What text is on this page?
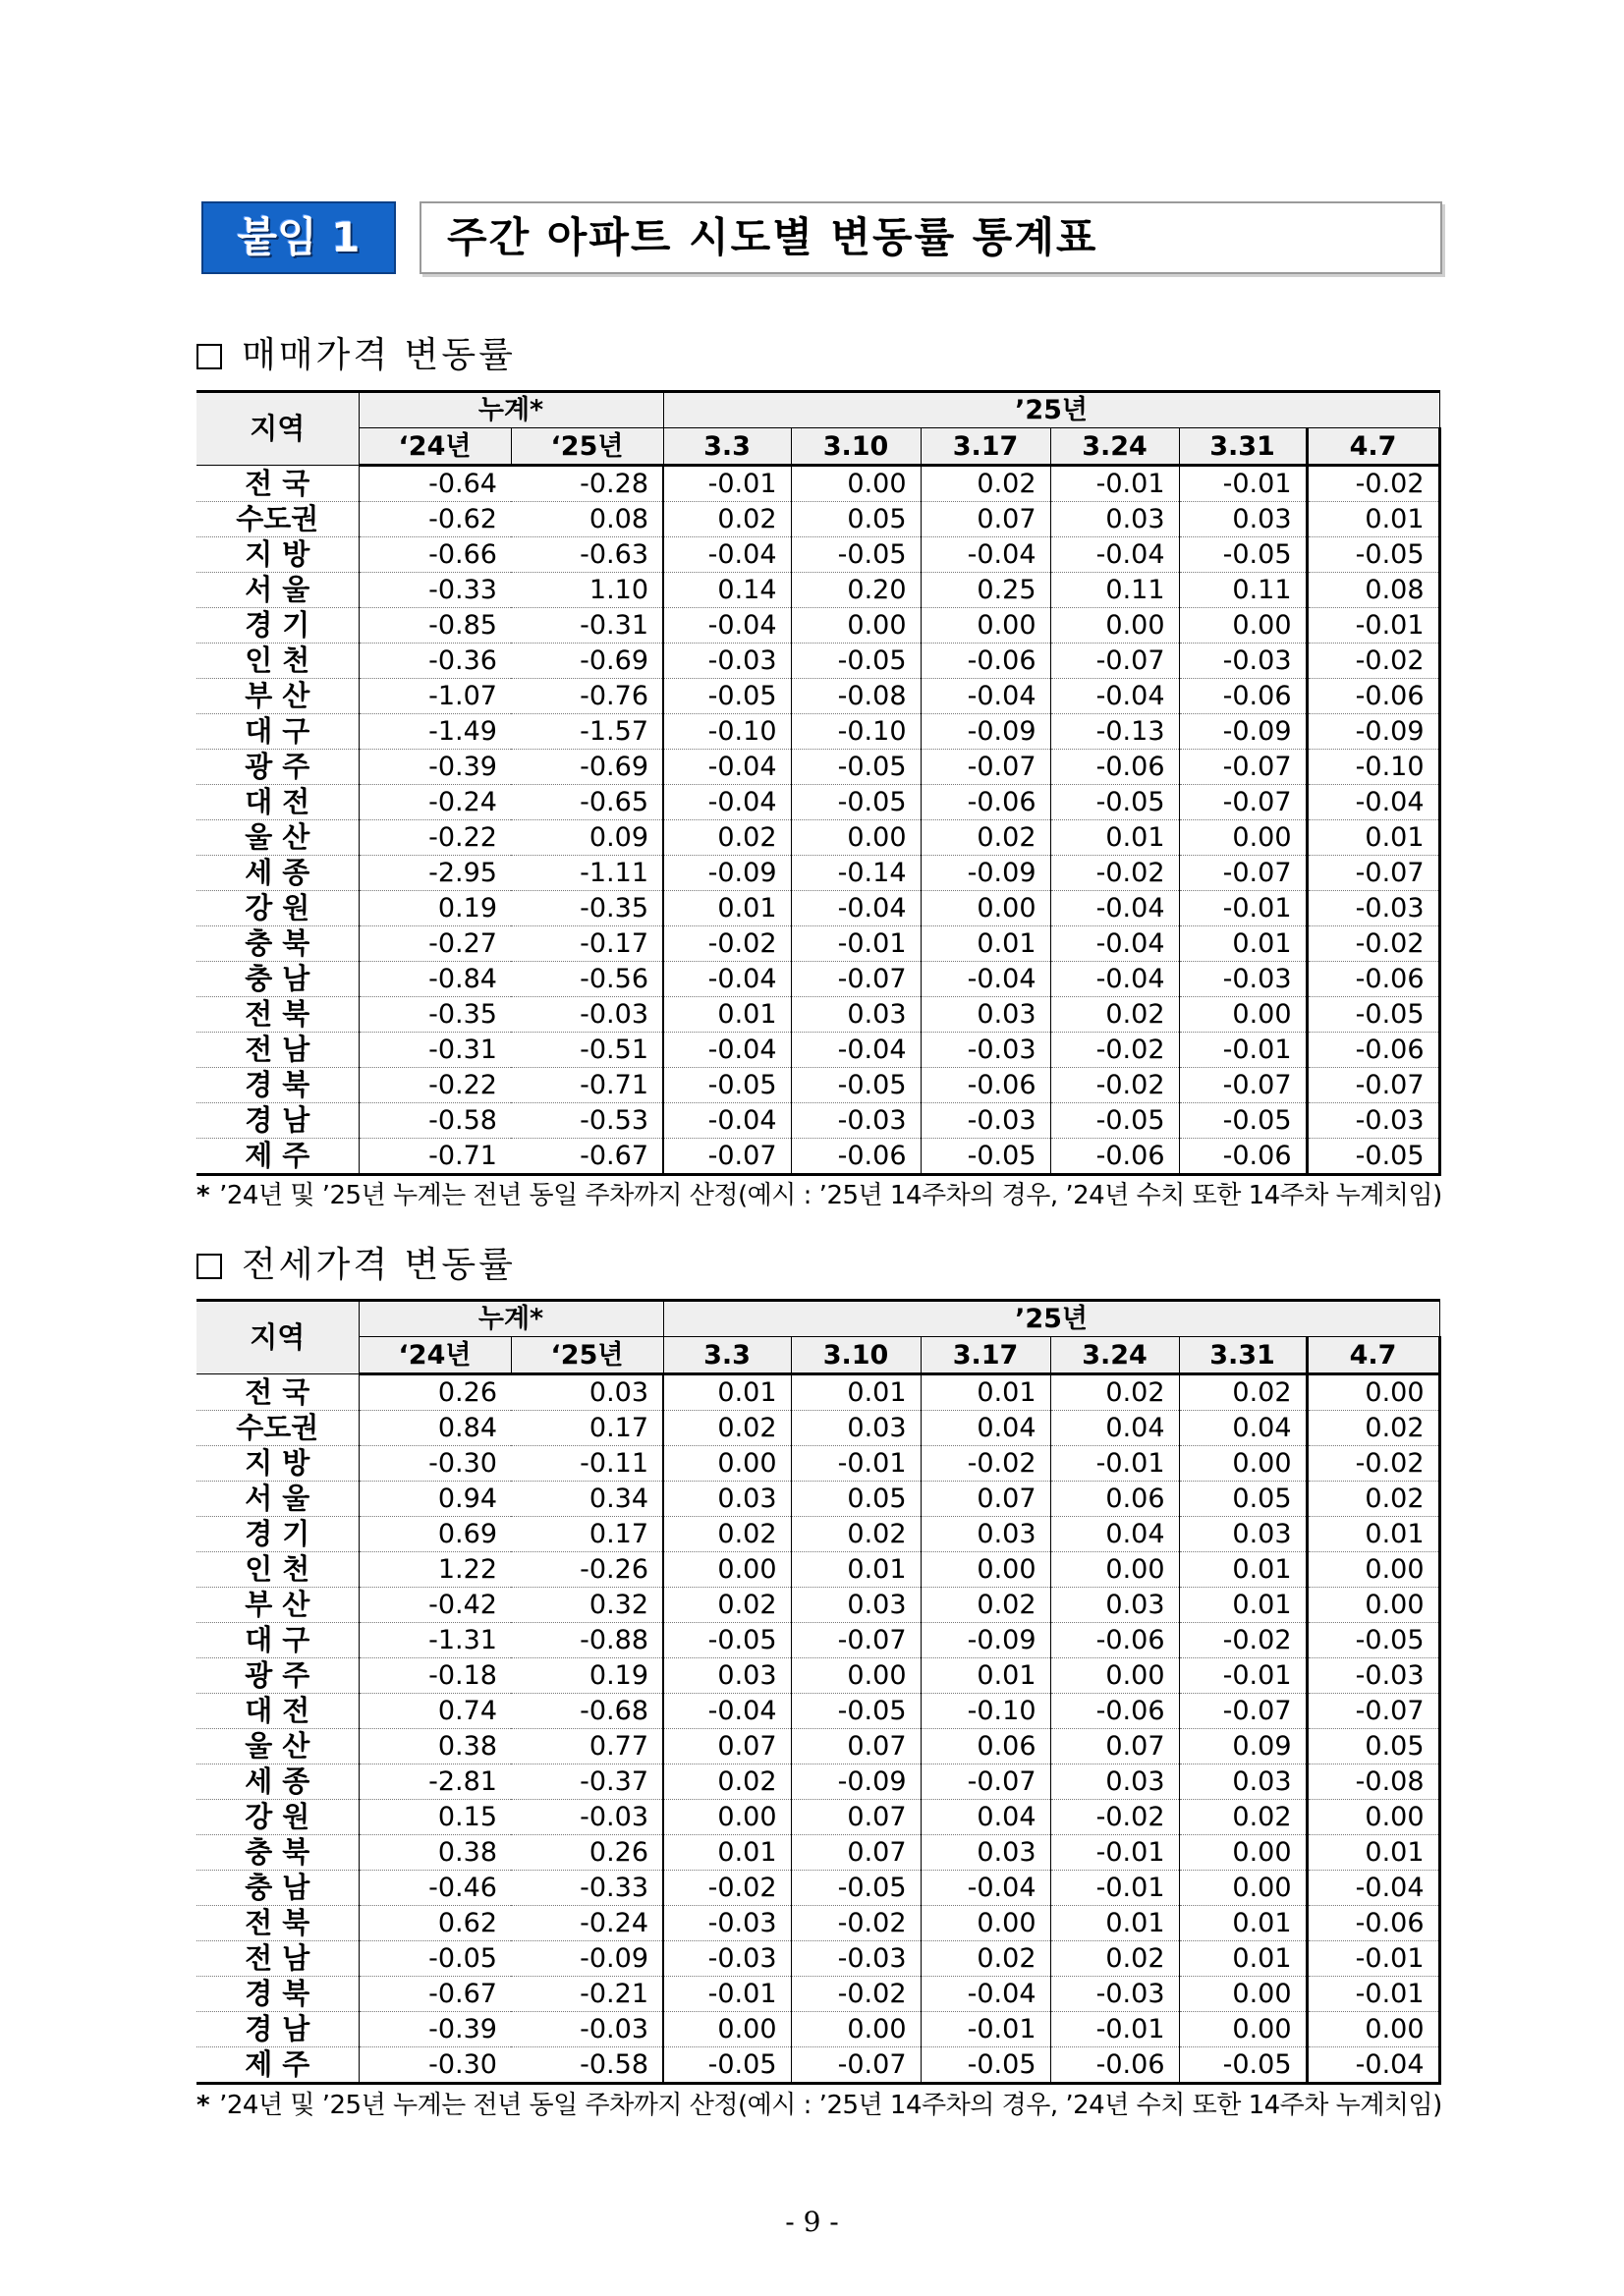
붙임 1	주간 아파트 시도별 변동률 통계표
매매가격 변동률
지역	누계*		’25년					
	‘24년	‘25년	3.3	3.10	3.17	3.24	3.31	4.7
전 국	-0.64	-0.28	-0.01	0.00	0.02	-0.01	-0.01	-0.02
수도권	-0.62	0.08	0.02	0.05	0.07	0.03	0.03	0.01
지 방	-0.66	-0.63	-0.04	-0.05	-0.04	-0.04	-0.05	-0.05
서 울	-0.33	1.10	0.14	0.20	0.25	0.11	0.11	0.08
경 기	-0.85	-0.31	-0.04	0.00	0.00	0.00	0.00	-0.01
인 천	-0.36	-0.69	-0.03	-0.05	-0.06	-0.07	-0.03	-0.02
부 산	-1.07	-0.76	-0.05	-0.08	-0.04	-0.04	-0.06	-0.06
대 구	-1.49	-1.57	-0.10	-0.10	-0.09	-0.13	-0.09	-0.09
광 주	-0.39	-0.69	-0.04	-0.05	-0.07	-0.06	-0.07	-0.10
대 전	-0.24	-0.65	-0.04	-0.05	-0.06	-0.05	-0.07	-0.04
울 산	-0.22	0.09	0.02	0.00	0.02	0.01	0.00	0.01
세 종	-2.95	-1.11	-0.09	-0.14	-0.09	-0.02	-0.07	-0.07
강 원	0.19	-0.35	0.01	-0.04	0.00	-0.04	-0.01	-0.03
충 북	-0.27	-0.17	-0.02	-0.01	0.01	-0.04	0.01	-0.02
충 남	-0.84	-0.56	-0.04	-0.07	-0.04	-0.04	-0.03	-0.06
전 북	-0.35	-0.03	0.01	0.03	0.03	0.02	0.00	-0.05
전 남	-0.31	-0.51	-0.04	-0.04	-0.03	-0.02	-0.01	-0.06
경 북	-0.22	-0.71	-0.05	-0.05	-0.06	-0.02	-0.07	-0.07
경 남	-0.58	-0.53	-0.04	-0.03	-0.03	-0.05	-0.05	-0.03
제 주	-0.71	-0.67	-0.07	-0.06	-0.05	-0.06	-0.06	-0.05
* ’24년 및 ’25년 누계는 전년 동일 주차까지 산정(예시 : ’25년 14주차의 경우, ’24년 수치 또한 14주차 누계치임)
전세가격 변동률
지역	누계*		’25년					
	‘24년	‘25년	3.3	3.10	3.17	3.24	3.31	4.7
전 국	0.26	0.03	0.01	0.01	0.01	0.02	0.02	0.00
수도권	0.84	0.17	0.02	0.03	0.04	0.04	0.04	0.02
지 방	-0.30	-0.11	0.00	-0.01	-0.02	-0.01	0.00	-0.02
서 울	0.94	0.34	0.03	0.05	0.07	0.06	0.05	0.02
경 기	0.69	0.17	0.02	0.02	0.03	0.04	0.03	0.01
인 천	1.22	-0.26	0.00	0.01	0.00	0.00	0.01	0.00
부 산	-0.42	0.32	0.02	0.03	0.02	0.03	0.01	0.00
대 구	-1.31	-0.88	-0.05	-0.07	-0.09	-0.06	-0.02	-0.05
광 주	-0.18	0.19	0.03	0.00	0.01	0.00	-0.01	-0.03
대 전	0.74	-0.68	-0.04	-0.05	-0.10	-0.06	-0.07	-0.07
울 산	0.38	0.77	0.07	0.07	0.06	0.07	0.09	0.05
세 종	-2.81	-0.37	0.02	-0.09	-0.07	0.03	0.03	-0.08
강 원	0.15	-0.03	0.00	0.07	0.04	-0.02	0.02	0.00
충 북	0.38	0.26	0.01	0.07	0.03	-0.01	0.00	0.01
충 남	-0.46	-0.33	-0.02	-0.05	-0.04	-0.01	0.00	-0.04
전 북	0.62	-0.24	-0.03	-0.02	0.00	0.01	0.01	-0.06
전 남	-0.05	-0.09	-0.03	-0.03	0.02	0.02	0.01	-0.01
경 북	-0.67	-0.21	-0.01	-0.02	-0.04	-0.03	0.00	-0.01
경 남	-0.39	-0.03	0.00	0.00	-0.01	-0.01	0.00	0.00
제 주	-0.30	-0.58	-0.05	-0.07	-0.05	-0.06	-0.05	-0.04
* ’24년 및 ’25년 누계는 전년 동일 주차까지 산정(예시 : ’25년 14주차의 경우, ’24년 수치 또한 14주차 누계치임)
- 9 -
